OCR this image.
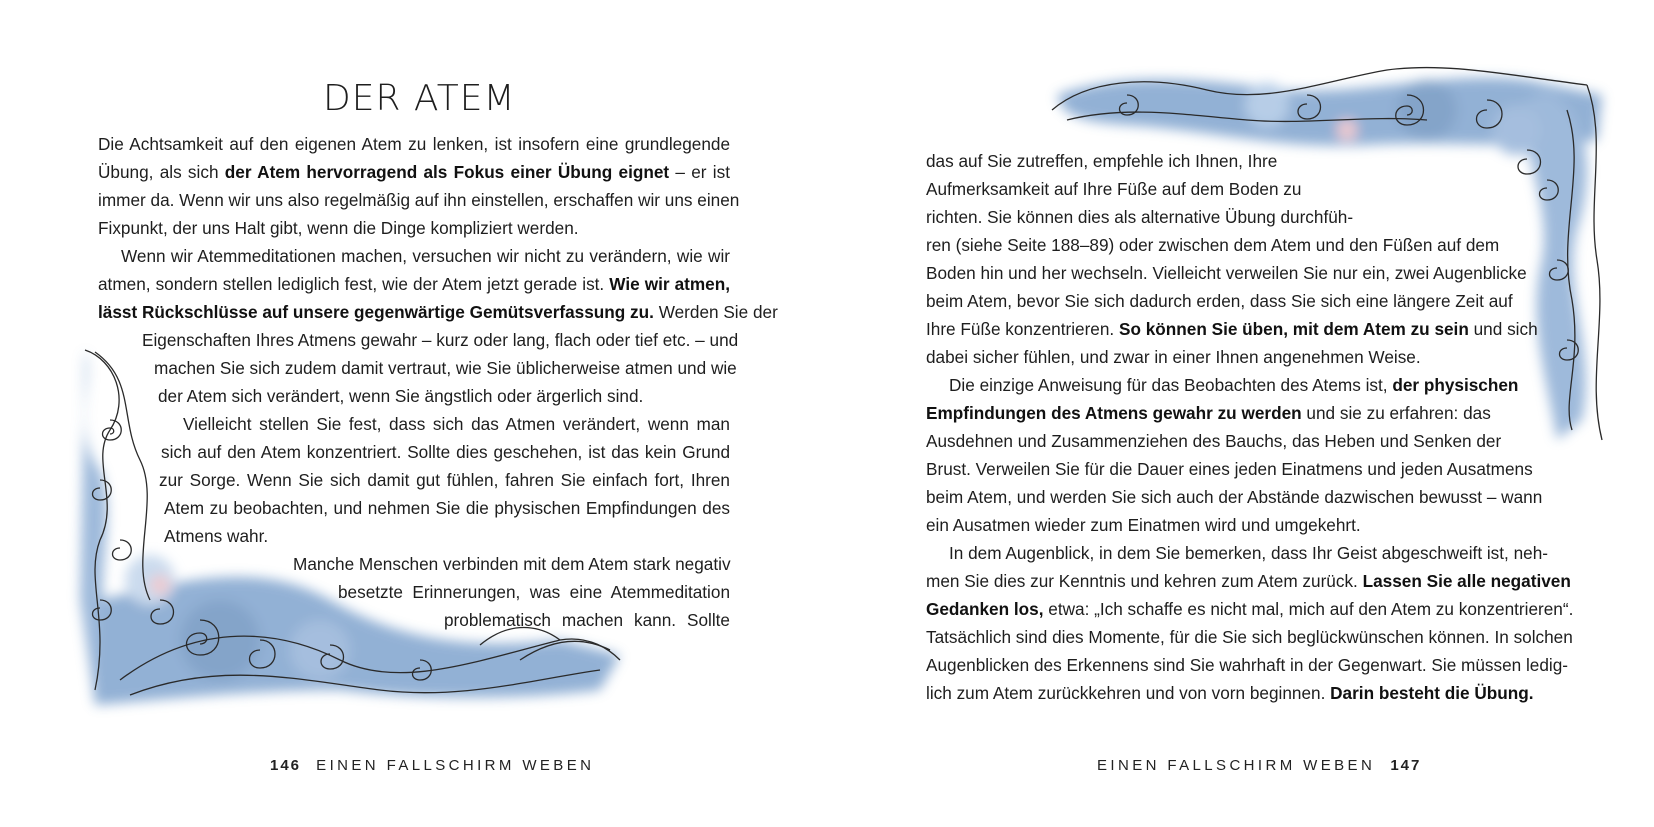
DER ATEM
Die Achtsamkeit auf den eigenen Atem zu lenken, ist insofern eine grundlegende
Übung, als sich der Atem hervorragend als Fokus einer Übung eignet – er ist
immer da. Wenn wir uns also regelmäßig auf ihn einstellen, erschaffen wir uns einen
Fixpunkt, der uns Halt gibt, wenn die Dinge kompliziert werden.
Wenn wir Atemmeditationen machen, versuchen wir nicht zu verändern, wie wir
atmen, sondern stellen lediglich fest, wie der Atem jetzt gerade ist. Wie wir atmen,
lässt Rückschlüsse auf unsere gegenwärtige Gemütsverfassung zu. Werden Sie der
Eigenschaften Ihres Atmens gewahr – kurz oder lang, flach oder tief etc. – und
machen Sie sich zudem damit vertraut, wie Sie üblicherweise atmen und wie
der Atem sich verändert, wenn Sie ängstlich oder ärgerlich sind.
Vielleicht stellen Sie fest, dass sich das Atmen verändert, wenn man
sich auf den Atem konzentriert. Sollte dies geschehen, ist das kein Grund
zur Sorge. Wenn Sie sich damit gut fühlen, fahren Sie einfach fort, Ihren
Atem zu beobachten, und nehmen Sie die physischen Empfindungen des
Atmens wahr.
Manche Menschen verbinden mit dem Atem stark negativ
besetzte Erinnerungen, was eine Atemmeditation
problematisch machen kann. Sollte
146 EINEN FALLSCHIRM WEBEN
das auf Sie zutreffen, empfehle ich Ihnen, Ihre
Aufmerksamkeit auf Ihre Füße auf dem Boden zu
richten. Sie können dies als alternative Übung durchfüh-
ren (siehe Seite 188–89) oder zwischen dem Atem und den Füßen auf dem
Boden hin und her wechseln. Vielleicht verweilen Sie nur ein, zwei Augenblicke
beim Atem, bevor Sie sich dadurch erden, dass Sie sich eine längere Zeit auf
Ihre Füße konzentrieren. So können Sie üben, mit dem Atem zu sein und sich
dabei sicher fühlen, und zwar in einer Ihnen angenehmen Weise.
Die einzige Anweisung für das Beobachten des Atems ist, der physischen
Empfindungen des Atmens gewahr zu werden und sie zu erfahren: das
Ausdehnen und Zusammenziehen des Bauchs, das Heben und Senken der
Brust. Verweilen Sie für die Dauer eines jeden Einatmens und jeden Ausatmens
beim Atem, und werden Sie sich auch der Abstände dazwischen bewusst – wann
ein Ausatmen wieder zum Einatmen wird und umgekehrt.
In dem Augenblick, in dem Sie bemerken, dass Ihr Geist abgeschweift ist, neh-
men Sie dies zur Kenntnis und kehren zum Atem zurück. Lassen Sie alle negativen
Gedanken los, etwa: „Ich schaffe es nicht mal, mich auf den Atem zu konzentrieren“.
Tatsächlich sind dies Momente, für die Sie sich beglückwünschen können. In solchen
Augenblicken des Erkennens sind Sie wahrhaft in der Gegenwart. Sie müssen ledig-
lich zum Atem zurückkehren und von vorn beginnen. Darin besteht die Übung.
EINEN FALLSCHIRM WEBEN 147
